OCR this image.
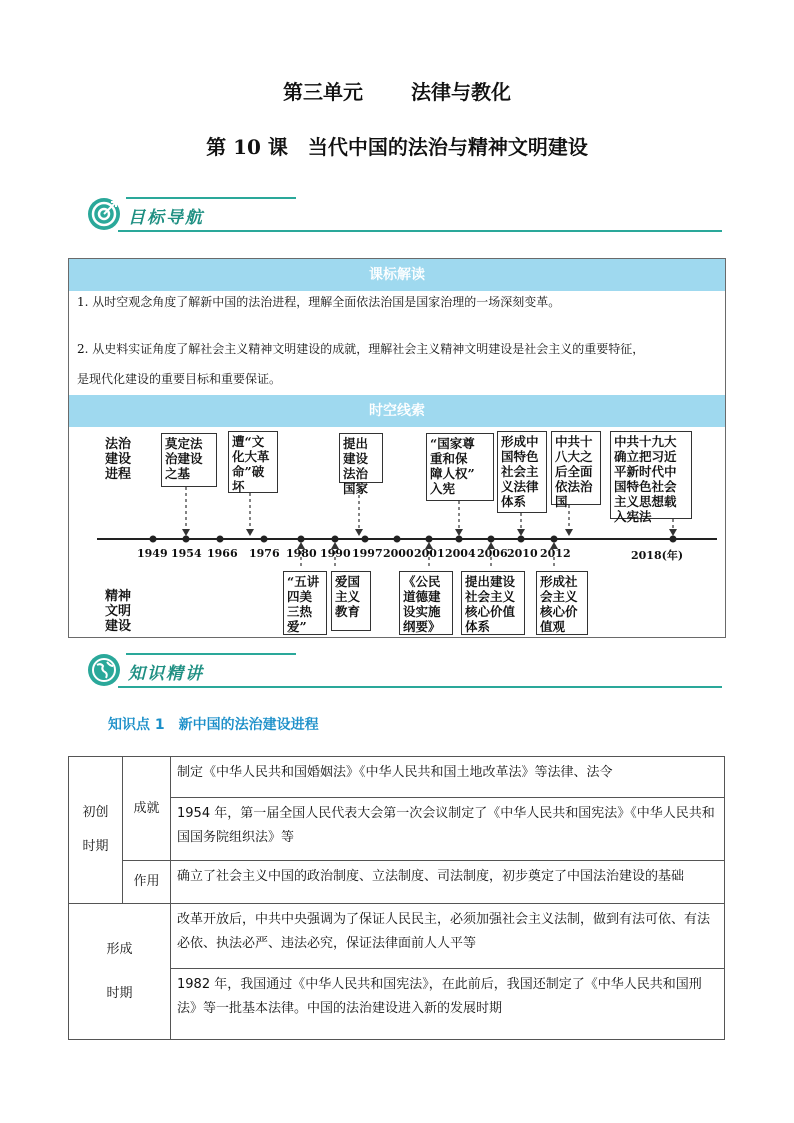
第三单元 法律与教化
第 10 课　当代中国的法治与精神文明建设
目标导航
课标解读
1. 从时空观念角度了解新中国的法治进程，理解全面依法治国是国家治理的一场深刻变革。
2. 从史料实证角度了解社会主义精神文明建设的成就，理解社会主义精神文明建设是社会主义的重要特征，
是现代化建设的重要目标和重要保证。
时空线索
法治
建设
进程
精神
文明
建设
1949 1954 1966 1976 1980 1990 1997 2000 2001 2004 2006 2010 2012	2018(年)
莫定法
治建设
之基
遭“文
化大革
命”破
坏
提出
建设
法治
国家
“国家尊
重和保
障人权”
入宪
形成中
国特色
社会主
义法律
体系
中共十
八大之
后全面
依法治
国
中共十九大
确立把习近
平新时代中
国特色社会
主义思想载
入宪法
“五讲
四美
三热
爱”
爱国
主义
教育
《公民
道德建
设实施
纲要》
提出建设
社会主义
核心价值
体系
形成社
会主义
核心价
值观
知识精讲
知识点 1　新中国的法治建设进程
初创
时期	成就	制定《中华人民共和国婚姻法》《中华人民共和国土地改革法》等法律、法令
		1954 年，第一届全国人民代表大会第一次会议制定了《中华人民共和国宪法》《中华人民共和国国务院组织法》等
	作用	确立了社会主义中国的政治制度、立法制度、司法制度，初步奠定了中国法治建设的基础
形成
时期		改革开放后，中共中央强调为了保证人民民主，必须加强社会主义法制，做到有法可依、有法必依、执法必严、违法必究，保证法律面前人人平等
		1982 年，我国通过《中华人民共和国宪法》，在此前后，我国还制定了《中华人民共和国刑法》等一批基本法律。中国的法治建设进入新的发展时期
